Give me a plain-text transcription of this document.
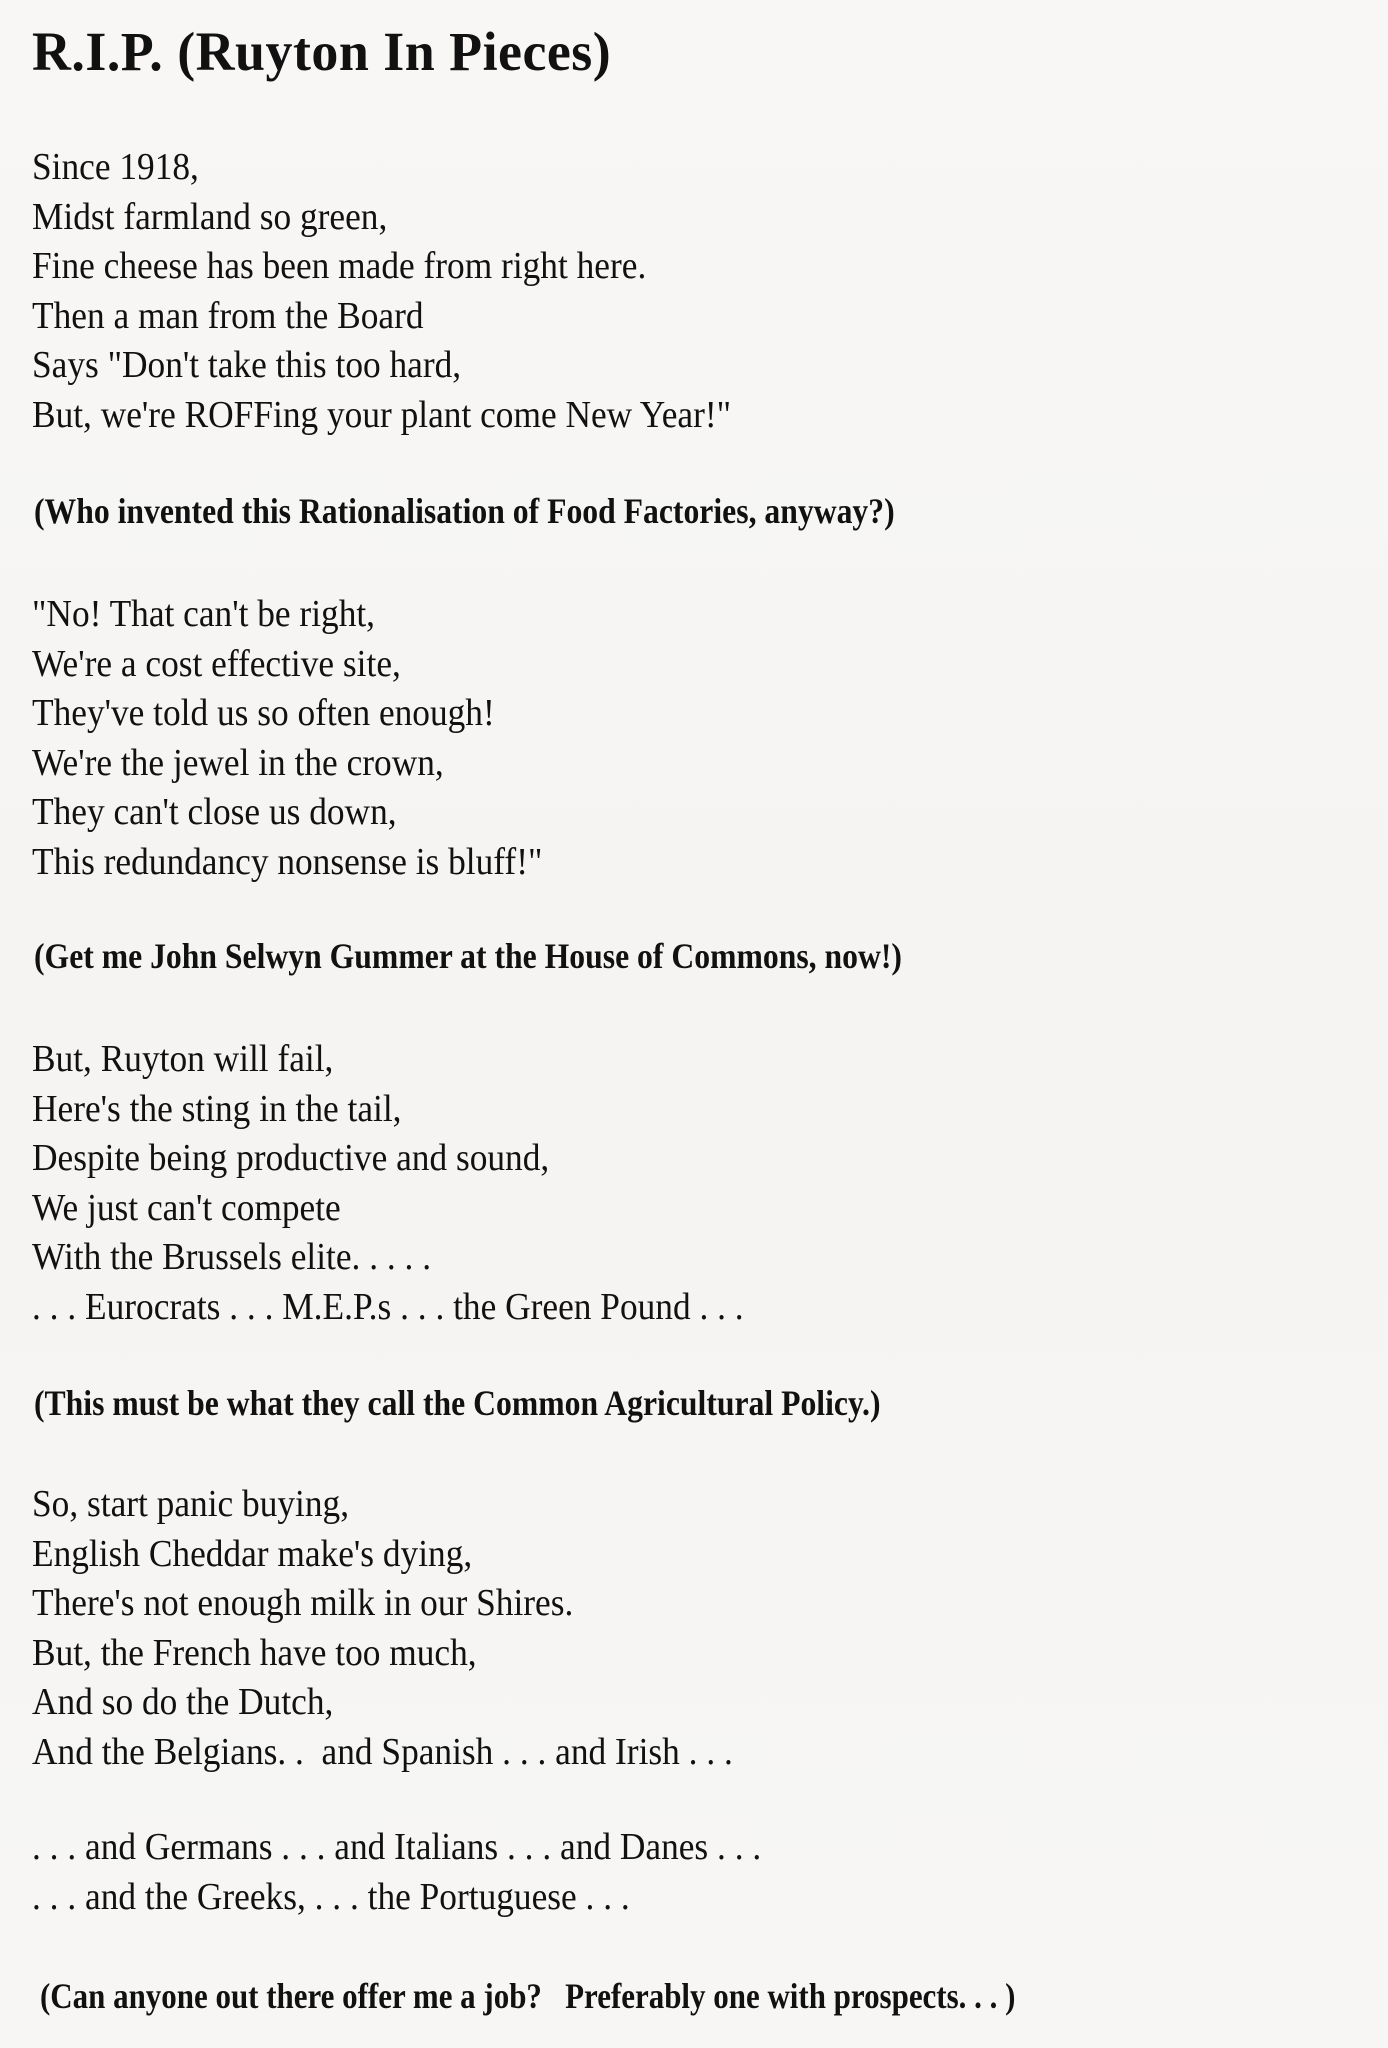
R.I.P. (Ruyton In Pieces)
Since 1918,
Midst farmland so green,
Fine cheese has been made from right here.
Then a man from the Board
Says "Don't take this too hard,
But, we're ROFFing your plant come New Year!"

(Who invented this Rationalisation of Food Factories, anyway?)

"No! That can't be right,
We're a cost effective site,
They've told us so often enough!
We're the jewel in the crown,
They can't close us down,
This redundancy nonsense is bluff!"

(Get me John Selwyn Gummer at the House of Commons, now!)

But, Ruyton will fail,
Here's the sting in the tail,
Despite being productive and sound,
We just can't compete
With the Brussels elite. . . . .
. . . Eurocrats . . . M.E.P.s . . . the Green Pound . . .

(This must be what they call the Common Agricultural Policy.)

So, start panic buying,
English Cheddar make's dying,
There's not enough milk in our Shires.
But, the French have too much,
And so do the Dutch,
And the Belgians. .  and Spanish . . . and Irish . . .
. . . and Germans . . . and Italians . . . and Danes . . .
. . . and the Greeks, . . . the Portuguese . . .

(Can anyone out there offer me a job?   Preferably one with prospects. . . )
